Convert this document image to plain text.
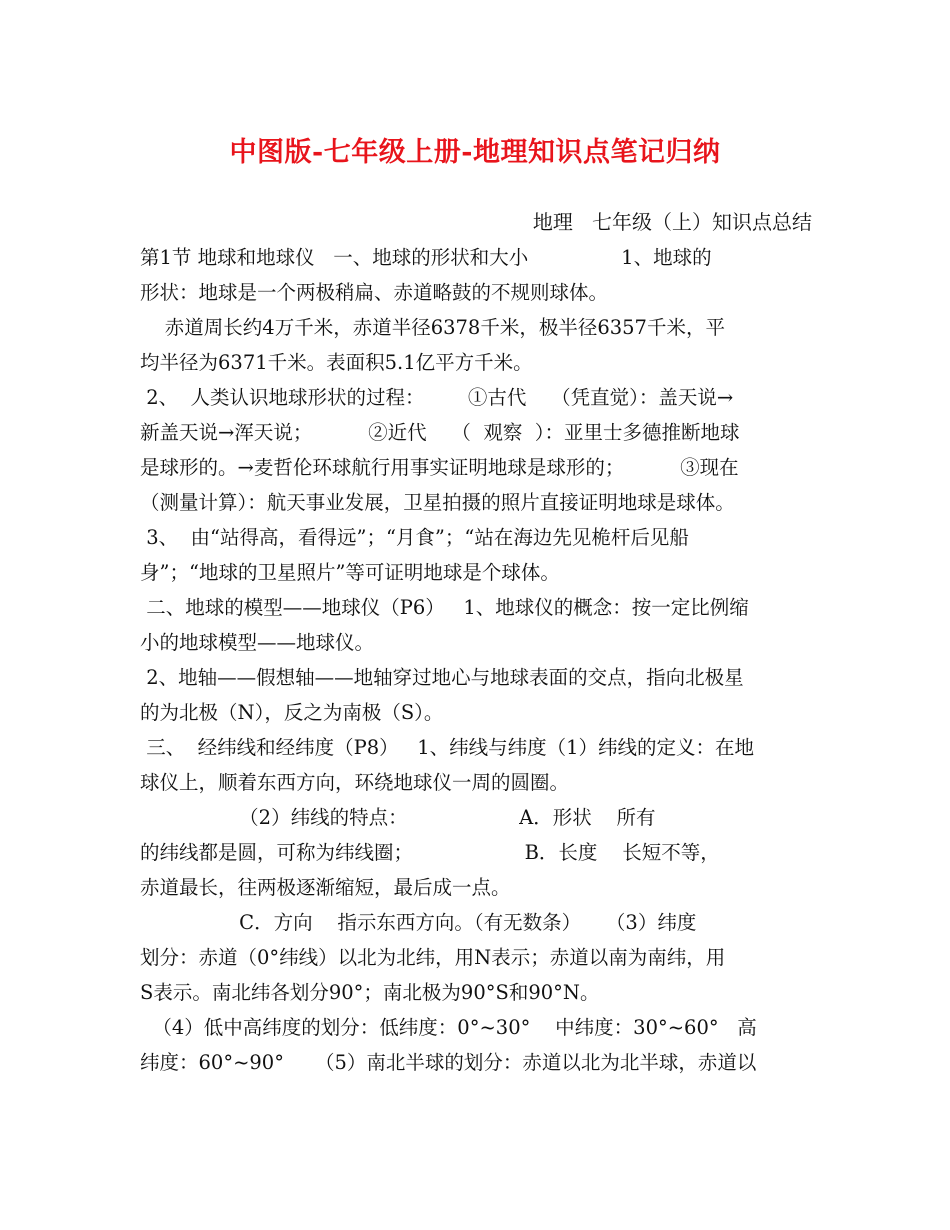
中图版-七年级上册-地理知识点笔记归纳
地理   七年级（上）知识点总结
第1节 地球和地球仪   一、地球的形状和大小               1、地球的
形状：地球是一个两极稍扁、赤道略鼓的不规则球体。
赤道周长约4万千米，赤道半径6378千米，极半径6357千米，平
均半径为6371千米。表面积5.1亿平方千米。
2、  人类认识地球形状的过程：       ①古代    （凭直觉）：盖天说→
新盖天说→浑天说；         ②近代    （  观察  ）：亚里士多德推断地球
是球形的。→麦哲伦环球航行用事实证明地球是球形的；         ③现在
（测量计算）：航天事业发展，卫星拍摄的照片直接证明地球是球体。
3、  由“站得高，看得远”；“月食”；“站在海边先见桅杆后见船
身”；“地球的卫星照片”等可证明地球是个球体。
二、地球的模型——地球仪（P6）   1、地球仪的概念：按一定比例缩
小的地球模型——地球仪。
2、地轴——假想轴——地轴穿过地心与地球表面的交点，指向北极星
的为北极（N），反之为南极（S）。
三、  经纬线和经纬度（P8）   1、纬线与纬度（1）纬线的定义：在地
球仪上，顺着东西方向，环绕地球仪一周的圆圈。
（2）纬线的特点：                  A．形状    所有
的纬线都是圆，可称为纬线圈；                  B．长度    长短不等，
赤道最长，往两极逐渐缩短，最后成一点。
C．方向    指示东西方向。（有无数条）    （3）纬度
划分：赤道（0°纬线）以北为北纬，用N表示；赤道以南为南纬，用
S表示。南北纬各划分90°；南北极为90°S和90°N。
（4）低中高纬度的划分：低纬度：0°~30°    中纬度：30°~60°   高
纬度：60°~90°     （5）南北半球的划分：赤道以北为北半球，赤道以
